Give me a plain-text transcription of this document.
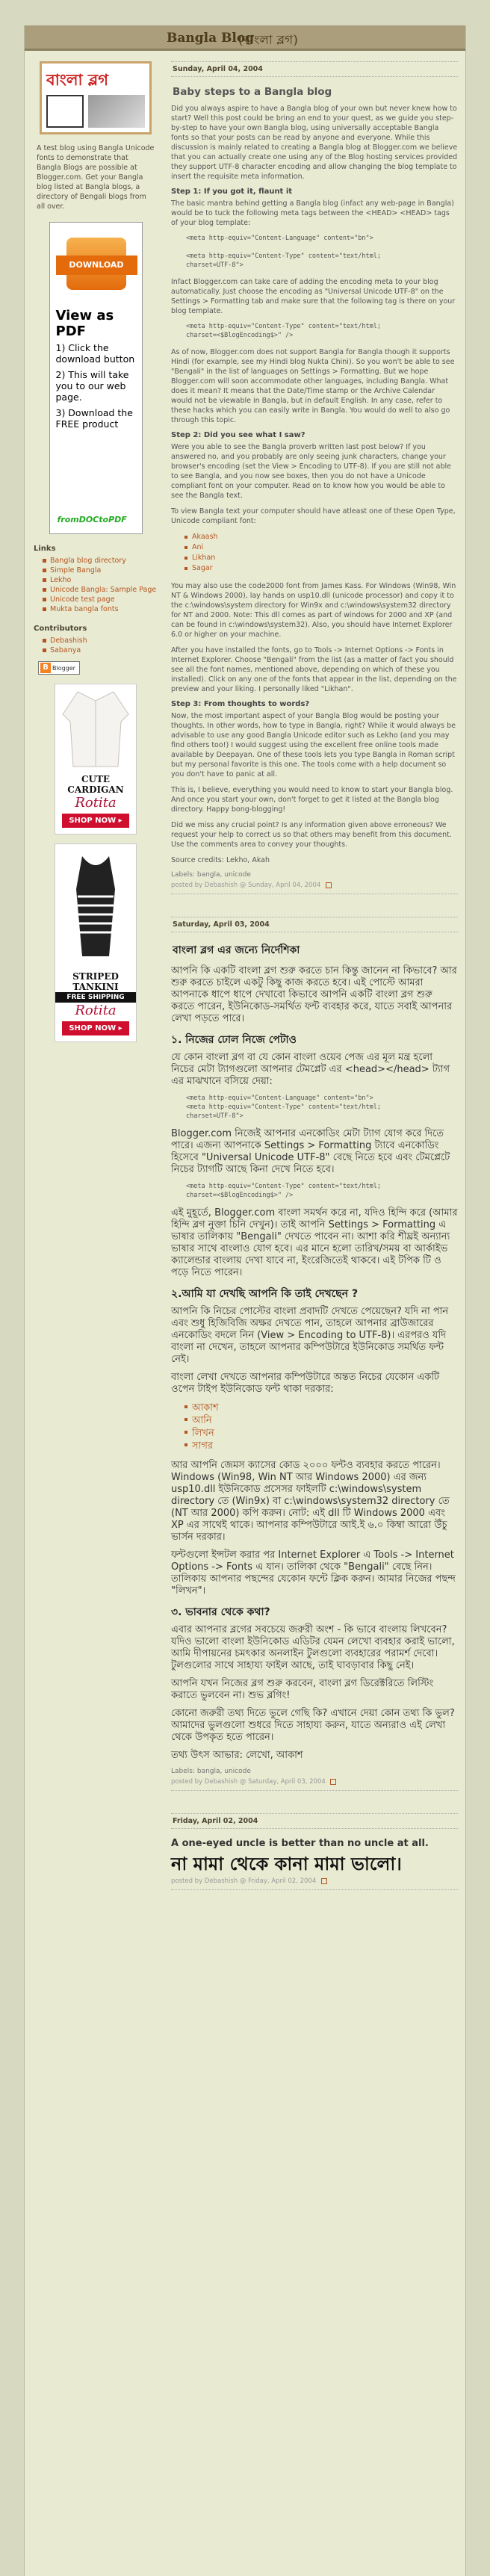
Bangla Blog
(বাংলা ব্লগ)
বাংলা ব্লগ

A test blog using Bangla Unicode fonts to demonstrate that Bangla Blogs are possible at Blogger.com. Get your Bangla blog listed at Bangla blogs, a directory of Bengali blogs from all over.

DOWNLOAD
View as PDF
1) Click the download button
2) This will take you to our web page.
3) Download the FREE product
fromDOCtoPDF
Links
Bangla blog directory
Simple Bangla
Lekho
Unicode Bangla: Sample Page
Unicode test page
Mukta bangla fonts
Contributors
Debashish
Sabanya
B Blogger
CUTE CARDIGAN
Rotita
SHOP NOW ▸
STRIPED TANKINI
FREE SHIPPING
Rotita
SHOP NOW ▸
Sunday, April 04, 2004
Baby steps to a Bangla blog

Did you always aspire to have a Bangla blog of your own but never knew how to start? Well this post could be bring an end to your quest, as we guide you step-by-step to have your own Bangla blog, using universally acceptable Bangla fonts so that your posts can be read by anyone and everyone. While this discussion is mainly related to creating a Bangla blog at Blogger.com we believe that you can actually create one using any of the Blog hosting services provided they support UTF-8 character encoding and allow changing the blog template to insert the requisite meta information.

Step 1: If you got it, flaunt it

The basic mantra behind getting a Bangla blog (infact any web-page in Bangla) would be to tuck the following meta tags between the <HEAD> <HEAD> tags of your blog template:

<meta http-equiv="Content-Language" content="bn">

<meta http-equiv="Content-Type" content="text/html;
charset=UTF-8">

Infact Blogger.com can take care of adding the encoding meta to your blog automatically. Just choose the encoding as "Universal Unicode UTF-8" on the Settings > Formatting tab and make sure that the following tag is there on your blog template.

<meta http-equiv="Content-Type" content="text/html;
charset=<$BlogEncoding$>" />

As of now, Blogger.com does not support Bangla for Bangla though it supports Hindi (for example, see my Hindi blog Nukta Chini). So you won't be able to see "Bengali" in the list of languages on Settings > Formatting. But we hope Blogger.com will soon accommodate other languages, including Bangla. What does it mean? It means that the Date/Time stamp or the Archive Calendar would not be viewable in Bangla, but in default English. In any case, refer to these hacks which you can easily write in Bangla. You would do well to also go through this topic.

Step 2: Did you see what I saw?

Were you able to see the Bangla proverb written last post below? If you answered no, and you probably are only seeing junk characters, change your browser's encoding (set the View > Encoding to UTF-8). If you are still not able to see Bangla, and you now see boxes, then you do not have a Unicode compliant font on your computer. Read on to know how you would be able to see the Bangla text.

To view Bangla text your computer should have atleast one of these Open Type, Unicode compliant font:

Akaash
Ani
Likhan
Sagar

You may also use the code2000 font from James Kass. For Windows (Win98, Win NT & Windows 2000), lay hands on usp10.dll (unicode processor) and copy it to the c:\windows\system directory for Win9x and c:\windows\system32 directory for NT and 2000. Note: This dll comes as part of windows for 2000 and XP (and can be found in c:\windows\system32). Also, you should have Internet Explorer 6.0 or higher on your machine.

After you have installed the fonts, go to Tools -> Internet Options -> Fonts in Internet Explorer. Choose "Bengali" from the list (as a matter of fact you should see all the font names, mentioned above, depending on which of these you installed). Click on any one of the fonts that appear in the list, depending on the preview and your liking. I personally liked "Likhan".

Step 3: From thoughts to words?

Now, the most important aspect of your Bangla Blog would be posting your thoughts. In other words, how to type in Bangla, right? While it would always be advisable to use any good Bangla Unicode editor such as Lekho (and you may find others too!) I would suggest using the excellent free online tools made available by Deepayan. One of these tools lets you type Bangla in Roman script but my personal favorite is this one. The tools come with a help document so you don't have to panic at all.

This is, I believe, everything you would need to know to start your Bangla blog. And once you start your own, don't forget to get it listed at the Bangla blog directory. Happy bong-blogging!

Did we miss any crucial point? Is any information given above erroneous? We request your help to correct us so that others may benefit from this document. Use the comments area to convey your thoughts.

Source credits: Lekho, Akah

Labels: bangla, unicode
posted by Debashish @ Sunday, April 04, 2004
Saturday, April 03, 2004
বাংলা ব্লগ এর জন্যে নির্দেশিকা

আপনি কি একটি বাংলা ব্লগ শুরু করতে চান কিন্তু জানেন না কিভাবে? আর শুরু করতে চাইলে একটু কিছু কাজ করতে হবে। এই পোস্টে আমরা আপনাকে ধাপে ধাপে দেখাবো কিভাবে আপনি একটি বাংলা ব্লগ শুরু করতে পারেন, ইউনিকোড-সমর্থিত ফন্ট ব্যবহার করে, যাতে সবাই আপনার লেখা পড়তে পারে।

১. নিজের ঢোল নিজে পেটাও

যে কোন বাংলা ব্লগ বা যে কোন বাংলা ওয়েব পেজ এর মূল মন্ত্র হলো নিচের মেটা ট্যাগগুলো আপনার টেমপ্লেট এর <head></head> ট্যাগ এর মাঝখানে বসিয়ে দেয়া:

<meta http-equiv="Content-Language" content="bn">
<meta http-equiv="Content-Type" content="text/html;
charset=UTF-8">

Blogger.com নিজেই আপনার এনকোডিং মেটা ট্যাগ যোগ করে দিতে পারে। এজন্য আপনাকে Settings > Formatting ট্যাবে এনকোডিং হিসেবে "Universal Unicode UTF-8" বেছে নিতে হবে এবং টেমপ্লেটে নিচের ট্যাগটি আছে কিনা দেখে নিতে হবে।

<meta http-equiv="Content-Type" content="text/html;
charset=<$BlogEncoding$>" />

এই মুহূর্তে, Blogger.com বাংলা সমর্থন করে না, যদিও হিন্দি করে (আমার হিন্দি ব্লগ নুক্তা চিনি দেখুন)। তাই আপনি Settings > Formatting এ ভাষার তালিকায় "Bengali" দেখতে পাবেন না। আশা করি শীঘ্রই অন্যান্য ভাষার সাথে বাংলাও যোগ হবে। এর মানে হলো তারিখ/সময় বা আর্কাইভ ক্যালেন্ডার বাংলায় দেখা যাবে না, ইংরেজিতেই থাকবে। এই টপিক টি ও পড়ে নিতে পারেন।

২.আমি যা দেখছি আপনি কি তাই দেখছেন ?

আপনি কি নিচের পোস্টের বাংলা প্রবাদটি দেখতে পেয়েছেন? যদি না পান এবং শুধু হিজিবিজি অক্ষর দেখতে পান, তাহলে আপনার ব্রাউজারের এনকোডিং বদলে নিন (View > Encoding to UTF-8)। এরপরও যদি বাংলা না দেখেন, তাহলে আপনার কম্পিউটারে ইউনিকোড সমর্থিত ফন্ট নেই।

বাংলা লেখা দেখতে আপনার কম্পিউটারে অন্তত নিচের যেকোন একটি ওপেন টাইপ ইউনিকোড ফন্ট থাকা দরকার:

আকাশ
আনি
লিখন
সাগর

আর আপনি জেমস ক্যাসের কোড ২০০০ ফন্টও ব্যবহার করতে পারেন। Windows (Win98, Win NT আর Windows 2000) এর জন্য usp10.dll ইউনিকোড প্রসেসর ফাইলটি c:\windows\system directory তে (Win9x) বা c:\windows\system32 directory তে (NT আর 2000) কপি করুন। নোট: এই dll টি Windows 2000 এবং XP এর সাথেই থাকে। আপনার কম্পিউটারে আই.ই ৬.০ কিম্বা আরো উঁচু ভার্সন দরকার।

ফন্টগুলো ইন্সটল করার পর Internet Explorer এ Tools -> Internet Options -> Fonts এ যান। তালিকা থেকে "Bengali" বেছে নিন। তালিকায় আপনার পছন্দের যেকোন ফন্টে ক্লিক করুন। আমার নিজের পছন্দ "লিখন"।

৩. ভাবনার থেকে কথা?

এবার আপনার ব্লগের সবচেয়ে জরুরী অংশ - কি ভাবে বাংলায় লিখবেন? যদিও ভালো বাংলা ইউনিকোড এডিটর যেমন লেখো ব্যবহার করাই ভালো, আমি দীপায়নের চমৎকার অনলাইন টুলগুলো ব্যবহারের পরামর্শ দেবো। টুলগুলোর সাথে সাহায্য ফাইল আছে, তাই ঘাবড়াবার কিছু নেই।

আপনি যখন নিজের ব্লগ শুরু করবেন, বাংলা ব্লগ ডিরেক্টরিতে লিস্টিং করাতে ভুলবেন না। শুভ ব্লগিং!

কোনো জরুরী তথ্য দিতে ভুলে গেছি কি? এখানে দেয়া কোন তথ্য কি ভুল? আমাদের ভুলগুলো শুধরে দিতে সাহায্য করুন, যাতে অন্যরাও এই লেখা থেকে উপকৃত হতে পারেন।

তথ্য উৎস আভার: লেখো, আকাশ

Labels: bangla, unicode
posted by Debashish @ Saturday, April 03, 2004
Friday, April 02, 2004
A one-eyed uncle is better than no uncle at all.
না মামা থেকে কানা মামা ভালো।
posted by Debashish @ Friday, April 02, 2004
